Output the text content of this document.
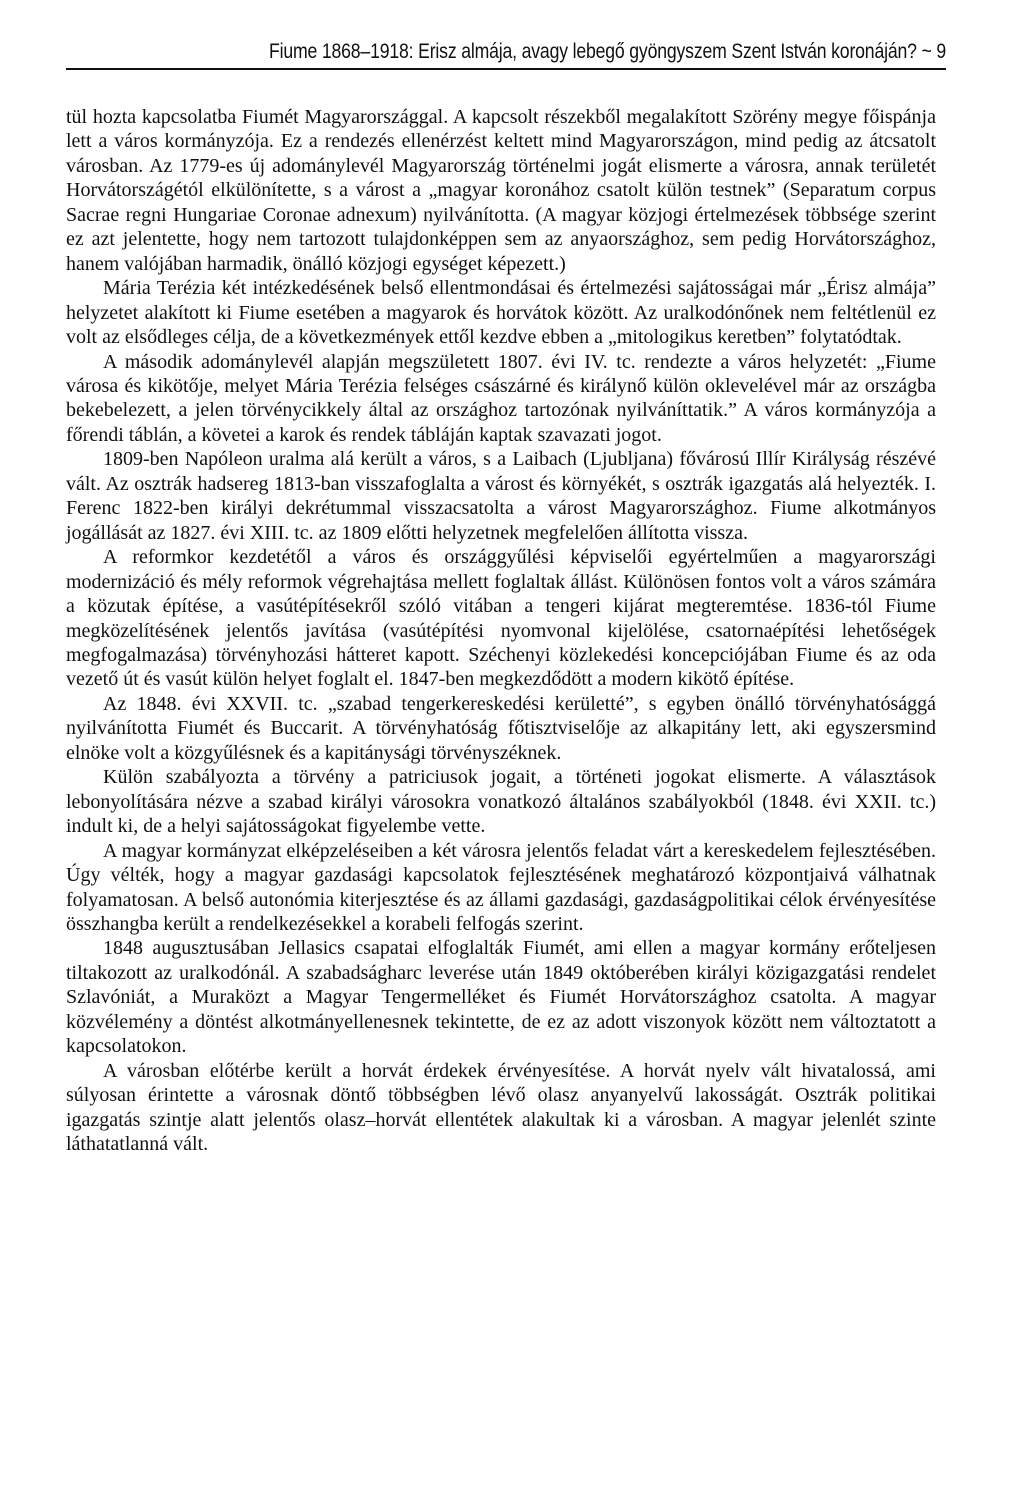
Fiume 1868–1918: Erisz almája, avagy lebegő gyöngyszem Szent István koronáján? ~ 9

tül hozta kapcsolatba Fiumét Magyarországgal. A kapcsolt részekből megalakított Szörény megye főispánja lett a város kormányzója. Ez a rendezés ellenérzést keltett mind Magyarországon, mind pedig az átcsatolt városban. Az 1779-es új adománylevél Magyarország történelmi jogát elismerte a városra, annak területét Horvátországétól elkülönítette, s a várost a „magyar koronához csatolt külön testnek” (Separatum corpus Sacrae regni Hungariae Coronae adnexum) nyilvánította. (A magyar közjogi értelmezések többsége szerint ez azt jelentette, hogy nem tartozott tulajdonképpen sem az anyaországhoz, sem pedig Horvátországhoz, hanem valójában harmadik, önálló közjogi egységet képezett.)

Mária Terézia két intézkedésének belső ellentmondásai és értelmezési sajátosságai már „Érisz almája” helyzetet alakított ki Fiume esetében a magyarok és horvátok között. Az uralkodónőnek nem feltétlenül ez volt az elsődleges célja, de a következmények ettől kezdve ebben a „mitologikus keretben” folytatódtak.

A második adománylevél alapján megszületett 1807. évi IV. tc. rendezte a város helyzetét: „Fiume városa és kikötője, melyet Mária Terézia felséges császárné és királynő külön oklevelével már az országba bekebelezett, a jelen törvénycikkely által az országhoz tartozónak nyilváníttatik.” A város kormányzója a főrendi táblán, a követei a karok és rendek tábláján kaptak szavazati jogot.

1809-ben Napóleon uralma alá került a város, s a Laibach (Ljubljana) fővárosú Illír Királyság részévé vált. Az osztrák hadsereg 1813-ban visszafoglalta a várost és környékét, s osztrák igazgatás alá helyezték. I. Ferenc 1822-ben királyi dekrétummal visszacsatolta a várost Magyarországhoz. Fiume alkotmányos jogállását az 1827. évi XIII. tc. az 1809 előtti helyzetnek megfelelően állította vissza.

A reformkor kezdetétől a város és országgyűlési képviselői egyértelműen a magyarországi modernizáció és mély reformok végrehajtása mellett foglaltak állást. Különösen fontos volt a város számára a közutak építése, a vasútépítésekről szóló vitában a tengeri kijárat megteremtése. 1836-tól Fiume megközelítésének jelentős javítása (vasútépítési nyomvonal kijelölése, csatornaépítési lehetőségek megfogalmazása) törvényhozási hátteret kapott. Széchenyi közlekedési koncepciójában Fiume és az oda vezető út és vasút külön helyet foglalt el. 1847-ben megkezdődött a modern kikötő építése.

Az 1848. évi XXVII. tc. „szabad tengerkereskedési kerületté”, s egyben önálló törvényhatósággá nyilvánította Fiumét és Buccarit. A törvényhatóság főtisztviselője az alkapitány lett, aki egyszersmind elnöke volt a közgyűlésnek és a kapitánysági törvényszéknek.

Külön szabályozta a törvény a patriciusok jogait, a történeti jogokat elismerte. A választások lebonyolítására nézve a szabad királyi városokra vonatkozó általános szabályokból (1848. évi XXII. tc.) indult ki, de a helyi sajátosságokat figyelembe vette.

A magyar kormányzat elképzeléseiben a két városra jelentős feladat várt a kereskedelem fejlesztésében. Úgy vélték, hogy a magyar gazdasági kapcsolatok fejlesztésének meghatározó központjaivá válhatnak folyamatosan. A belső autonómia kiterjesztése és az állami gazdasági, gazdaságpolitikai célok érvényesítése összhangba került a rendelkezésekkel a korabeli felfogás szerint.

1848 augusztusában Jellasics csapatai elfoglalták Fiumét, ami ellen a magyar kormány erőteljesen tiltakozott az uralkodónál. A szabadságharc leverése után 1849 októberében királyi közigazgatási rendelet Szlavóniát, a Muraközt a Magyar Tengermelléket és Fiumét Horvátországhoz csatolta. A magyar közvélemény a döntést alkotmányellenesnek tekintette, de ez az adott viszonyok között nem változtatott a kapcsolatokon.

A városban előtérbe került a horvát érdekek érvényesítése. A horvát nyelv vált hivatalossá, ami súlyosan érintette a városnak döntő többségben lévő olasz anyanyelvű lakosságát. Osztrák politikai igazgatás szintje alatt jelentős olasz–horvát ellentétek alakultak ki a városban. A magyar jelenlét szinte láthatatlanná vált.
